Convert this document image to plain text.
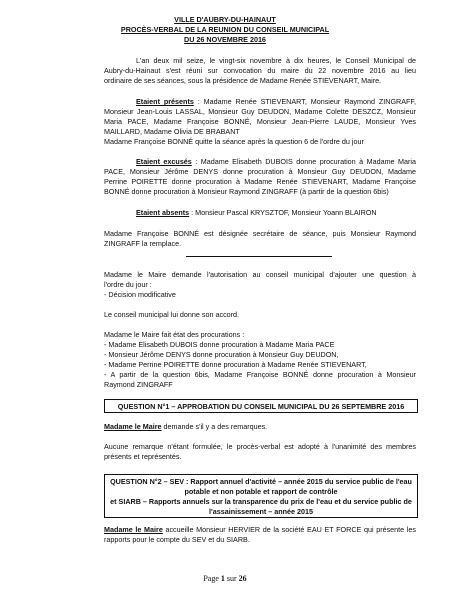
VILLE D'AUBRY-DU-HAINAUT
PROCÈS-VERBAL DE LA REUNION DU CONSEIL MUNICIPAL
DU 26 NOVEMBRE 2016
L'an deux mil seize, le vingt-six novembre à dix heures, le Conseil Municipal de
Aubry-du-Hainaut s'est réuni sur convocation du maire du 22 novembre 2016 au lieu
ordinaire de ses séances, sous la présidence de Madame Renée STIEVENART, Maire.
Etaient présents : Madame Renée STIEVENART, Monsieur Raymond ZINGRAFF,
Monsieur Jean-Louis LASSAL, Monsieur Guy DEUDON, Madame Colette DESZCZ, Monsieur
Maria PACE, Madame Françoise BONNÉ, Monsieur Jean-Pierre LAUDE, Monsieur Yves
MAILLARD, Madame Olivia DE BRABANT
Madame Françoise BONNÉ quitte la séance après la question 6 de l'ordre du jour
Etaient excusés : Madame Elisabeth DUBOIS donne procuration à Madame Maria
PACE, Monsieur Jérôme DENYS donne procuration à Monsieur Guy DEUDON, Madame
Perrine POIRETTE donne procuration à Madame Renée STIEVENART, Madame Françoise
BONNÉ donne procuration à Monsieur Raymond ZINGRAFF (à partir de la question 6bis)
Etaient absents : Monsieur Pascal KRYSZTOF, Monsieur Yoann BLAIRON
Madame Françoise BONNÉ est désignée secrétaire de séance, puis Monsieur Raymond
ZINGRAFF la remplace.
Madame le Maire demande l'autorisation au conseil municipal d'ajouter une question à
l'ordre du jour :
- Décision modificative
Le conseil municipal lui donne son accord.
Madame le Maire fait état des procurations :
- Madame Elisabeth DUBOIS donne procuration à Madame Maria PACE
- Monsieur Jérôme DENYS donne procuration à Monsieur Guy DEUDON,
- Madame Perrine POIRETTE donne procuration à Madame Renée STIEVENART,
- A partir de la question 6bis, Madame Françoise BONNÉ donne procuration à Monsieur
Raymond ZINGRAFF
QUESTION N°1 – APPROBATION DU CONSEIL MUNICIPAL DU 26 SEPTEMBRE 2016
Madame le Maire demande s'il y a des remarques.
Aucune remarque n'étant formulée, le procès-verbal est adopté à l'unanimité des membres
présents et représentés.
QUESTION N°2 – SEV : Rapport annuel d'activité – année 2015 du service public de l'eau
potable et non potable et rapport de contrôle
et SIARB – Rapports annuels sur la transparence du prix de l'eau et du service public de
l'assainissement – année 2015
Madame le Maire accueille Monsieur HERVIER de la société EAU ET FORCE qui présente les
rapports pour le compte du SEV et du SIARB.
Page 1 sur 26
